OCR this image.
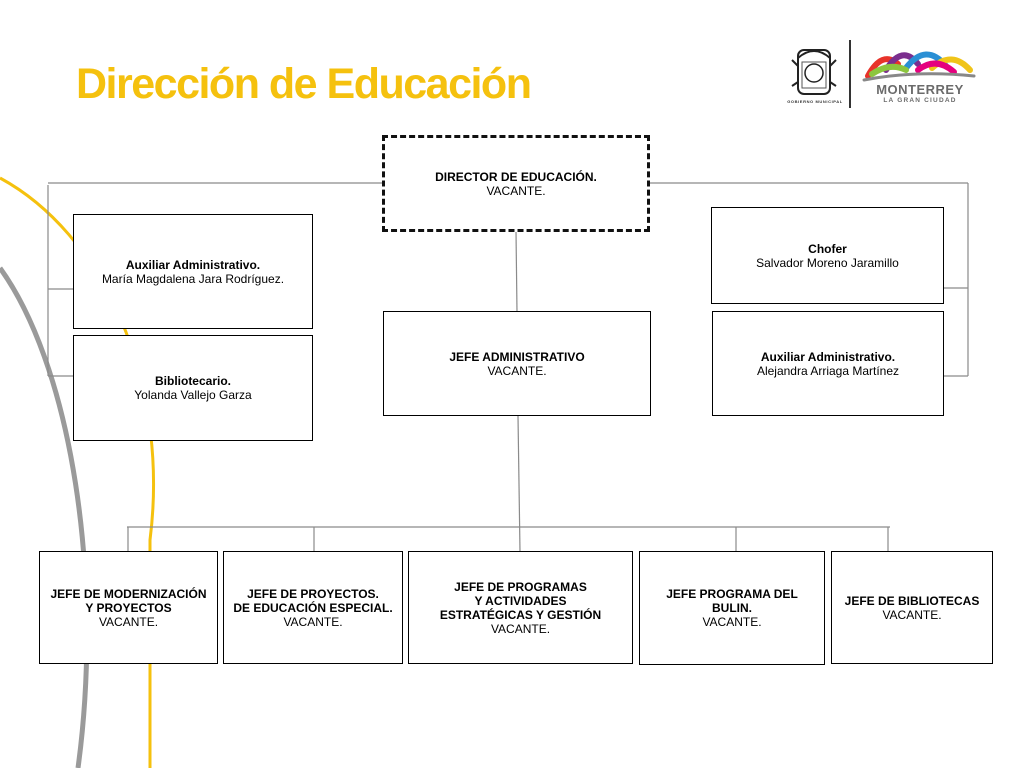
Dirección de Educación	GOBIERNO MUNICIPAL
MONTERREY
LA GRAN CIUDAD
DIRECTOR DE EDUCACIÓN.
VACANTE.
Auxiliar Administrativo.
María Magdalena Jara Rodríguez.
Bibliotecario.
Yolanda Vallejo Garza
JEFE ADMINISTRATIVO
VACANTE.
Chofer
Salvador Moreno Jaramillo
Auxiliar Administrativo.
Alejandra Arriaga Martínez
JEFE DE MODERNIZACIÓN
Y PROYECTOS
VACANTE.
JEFE DE PROYECTOS.
DE EDUCACIÓN ESPECIAL.
VACANTE.
JEFE DE PROGRAMAS
Y ACTIVIDADES
ESTRATÉGICAS Y GESTIÓN
VACANTE.
JEFE PROGRAMA DEL
BULIN.
VACANTE.
JEFE DE BIBLIOTECAS
VACANTE.
